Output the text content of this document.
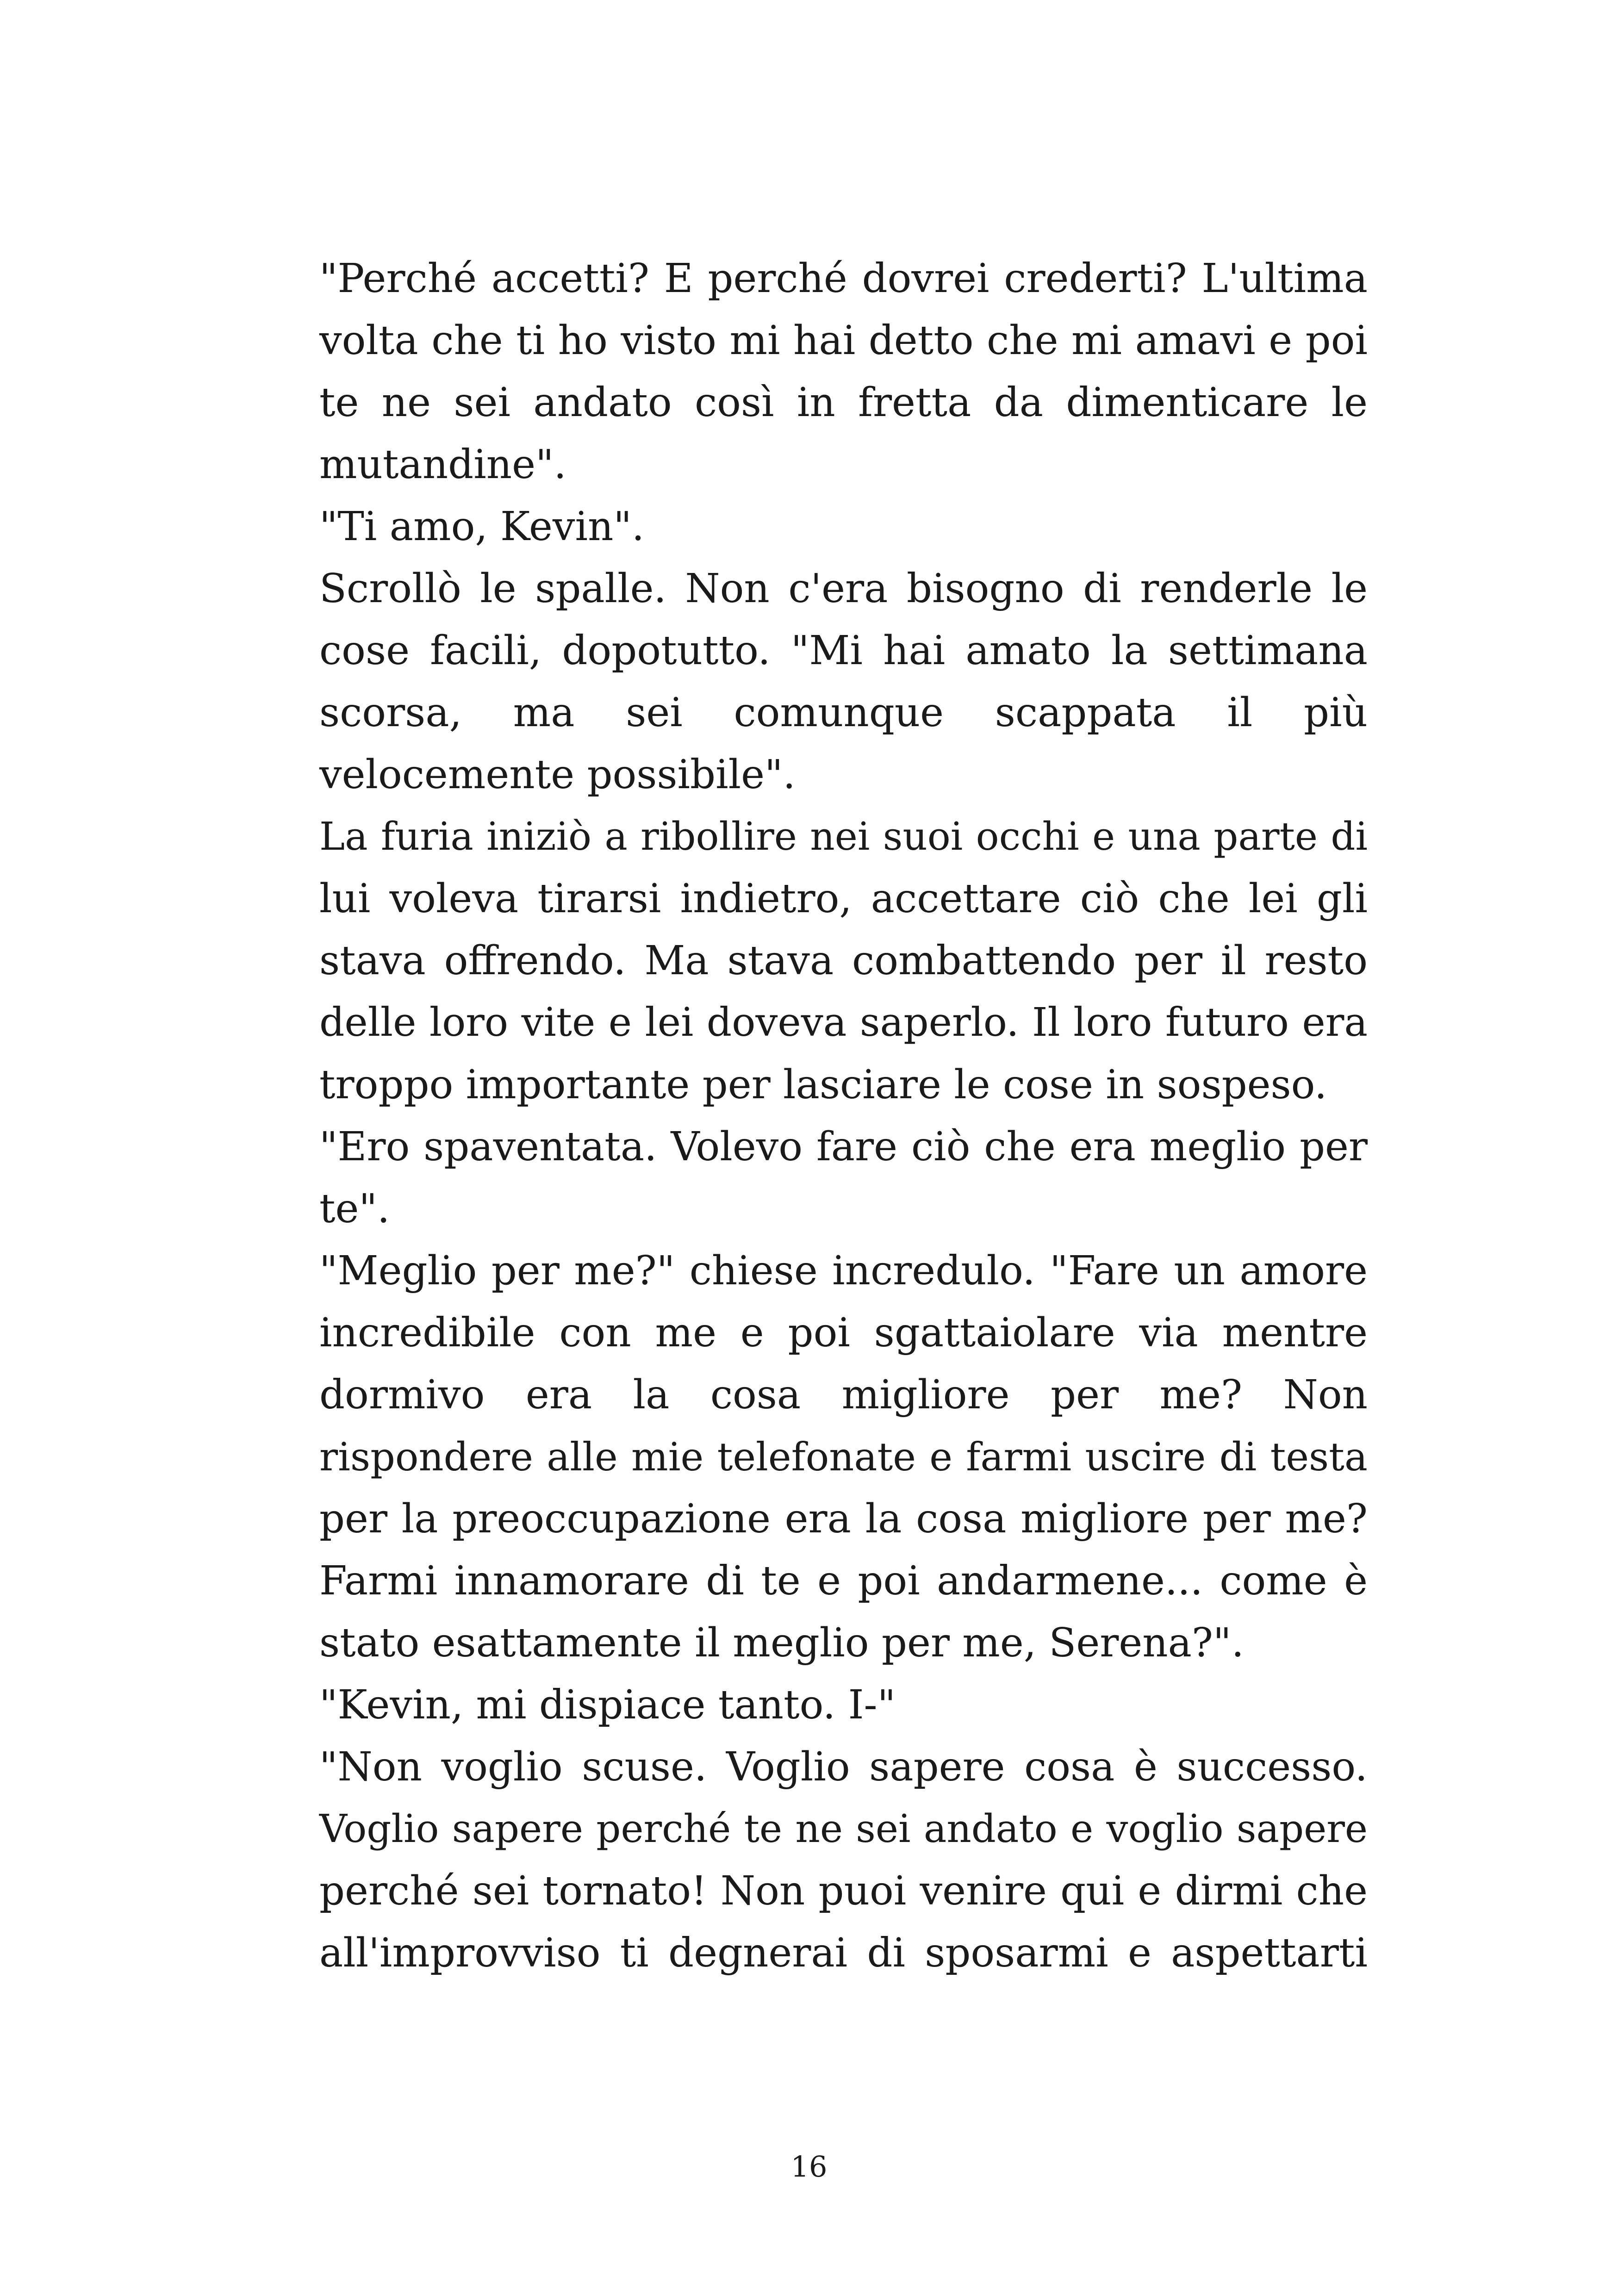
"Perché accetti? E perché dovrei crederti? L'ultima
volta che ti ho visto mi hai detto che mi amavi e poi
te ne sei andato così in fretta da dimenticare le
mutandine".
"Ti amo, Kevin".
Scrollò le spalle. Non c'era bisogno di renderle le
cose facili, dopotutto. "Mi hai amato la settimana
scorsa, ma sei comunque scappata il più
velocemente possibile".
La furia iniziò a ribollire nei suoi occhi e una parte di
lui voleva tirarsi indietro, accettare ciò che lei gli
stava offrendo. Ma stava combattendo per il resto
delle loro vite e lei doveva saperlo. Il loro futuro era
troppo importante per lasciare le cose in sospeso.
"Ero spaventata. Volevo fare ciò che era meglio per
te".
"Meglio per me?" chiese incredulo. "Fare un amore
incredibile con me e poi sgattaiolare via mentre
dormivo era la cosa migliore per me? Non
rispondere alle mie telefonate e farmi uscire di testa
per la preoccupazione era la cosa migliore per me?
Farmi innamorare di te e poi andarmene... come è
stato esattamente il meglio per me, Serena?".
"Kevin, mi dispiace tanto. I-"
"Non voglio scuse. Voglio sapere cosa è successo.
Voglio sapere perché te ne sei andato e voglio sapere
perché sei tornato! Non puoi venire qui e dirmi che
all'improvviso ti degnerai di sposarmi e aspettarti
16
